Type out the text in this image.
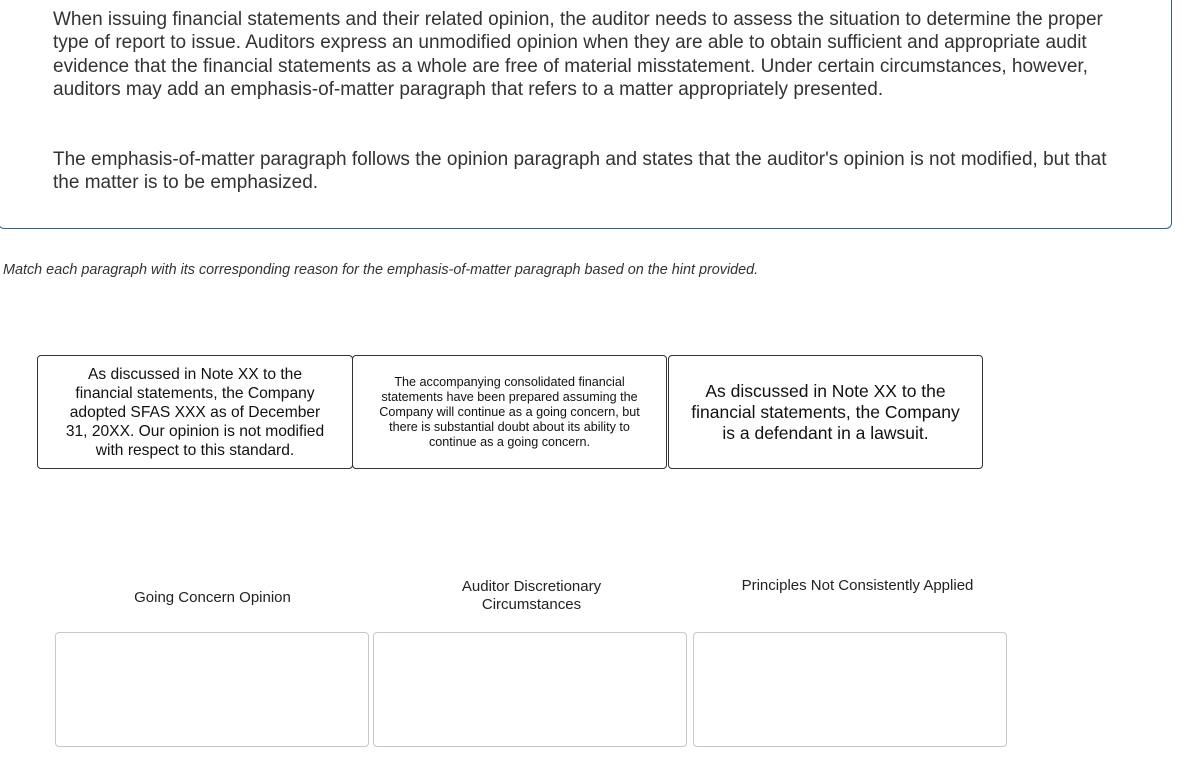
When issuing financial statements and their related opinion, the auditor needs to assess the situation to determine the proper type of report to issue. Auditors express an unmodified opinion when they are able to obtain sufficient and appropriate audit evidence that the financial statements as a whole are free of material misstatement. Under certain circumstances, however, auditors may add an emphasis-of-matter paragraph that refers to a matter appropriately presented.

The emphasis-of-matter paragraph follows the opinion paragraph and states that the auditor's opinion is not modified, but that the matter is to be emphasized.

Match each paragraph with its corresponding reason for the emphasis-of-matter paragraph based on the hint provided.

As discussed in Note XX to the financial statements, the Company adopted SFAS XXX as of December 31, 20XX. Our opinion is not modified with respect to this standard.
The accompanying consolidated financial statements have been prepared assuming the Company will continue as a going concern, but there is substantial doubt about its ability to continue as a going concern.
As discussed in Note XX to the financial statements, the Company is a defendant in a lawsuit.

Going Concern Opinion

Auditor Discretionary Circumstances

Principles Not Consistently Applied
